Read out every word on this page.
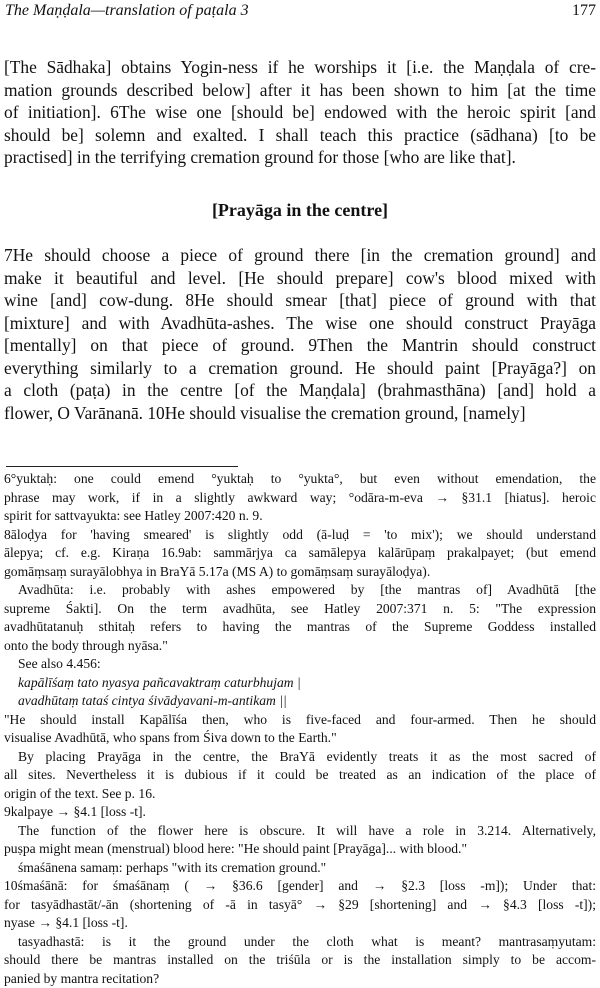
The Maṇḍala—translation of paṭala 3	177
[The Sādhaka] obtains Yogin-ness if he worships it [i.e. the Maṇḍala of cre-
mation grounds described below] after it has been shown to him [at the time
of initiation]. 6The wise one [should be] endowed with the heroic spirit [and
should be] solemn and exalted. I shall teach this practice (sādhana) [to be
practised] in the terrifying cremation ground for those [who are like that].
[Prayāga in the centre]
7He should choose a piece of ground there [in the cremation ground] and
make it beautiful and level. [He should prepare] cow's blood mixed with
wine [and] cow-dung. 8He should smear [that] piece of ground with that
[mixture] and with Avadhūta-ashes. The wise one should construct Prayāga
[mentally] on that piece of ground. 9Then the Mantrin should construct
everything similarly to a cremation ground. He should paint [Prayāga?] on
a cloth (paṭa) in the centre [of the Maṇḍala] (brahmasthāna) [and] hold a
flower, O Varānanā. 10He should visualise the cremation ground, [namely]
6°yuktaḥ: one could emend °yuktaḥ to °yukta°, but even without emendation, the
phrase may work, if in a slightly awkward way; °odāra-m-eva → §31.1 [hiatus]. heroic
spirit for sattvayukta: see Hatley 2007:420 n. 9.
8āloḍya for 'having smeared' is slightly odd (ā-luḍ = 'to mix'); we should understand
ālepya; cf. e.g. Kiraṇa 16.9ab: sammārjya ca samālepya kalārūpaṃ prakalpayet; (but emend
gomāṃsaṃ surayālobhya in BraYā 5.17a (MS A) to gomāṃsaṃ surayāloḍya).
Avadhūta: i.e. probably with ashes empowered by [the mantras of] Avadhūtā [the
supreme Śakti]. On the term avadhūta, see Hatley 2007:371 n. 5: "The expression
avadhūtatanuḥ sthitaḥ refers to having the mantras of the Supreme Goddess installed
onto the body through nyāsa."
See also 4.456:
kapālīśaṃ tato nyasya pañcavaktraṃ caturbhujam |
avadhūtaṃ tataś cintya śivādyavani-m-antikam ||
"He should install Kapālīśa then, who is five-faced and four-armed. Then he should
visualise Avadhūtā, who spans from Śiva down to the Earth."
By placing Prayāga in the centre, the BraYā evidently treats it as the most sacred of
all sites. Nevertheless it is dubious if it could be treated as an indication of the place of
origin of the text. See p. 16.
9kalpaye → §4.1 [loss -t].
The function of the flower here is obscure. It will have a role in 3.214. Alternatively,
puṣpa might mean (menstrual) blood here: "He should paint [Prayāga]... with blood."
śmaśānena samaṃ: perhaps "with its cremation ground."
10śmaśānā: for śmaśānaṃ ( → §36.6 [gender] and → §2.3 [loss -m]); Under that:
for tasyādhastāt/-ān (shortening of -ā in tasyā° → §29 [shortening] and → §4.3 [loss -t]);
nyase → §4.1 [loss -t].
tasyadhastā: is it the ground under the cloth what is meant? mantrasaṃyutam:
should there be mantras installed on the triśūla or is the installation simply to be accom-
panied by mantra recitation?
